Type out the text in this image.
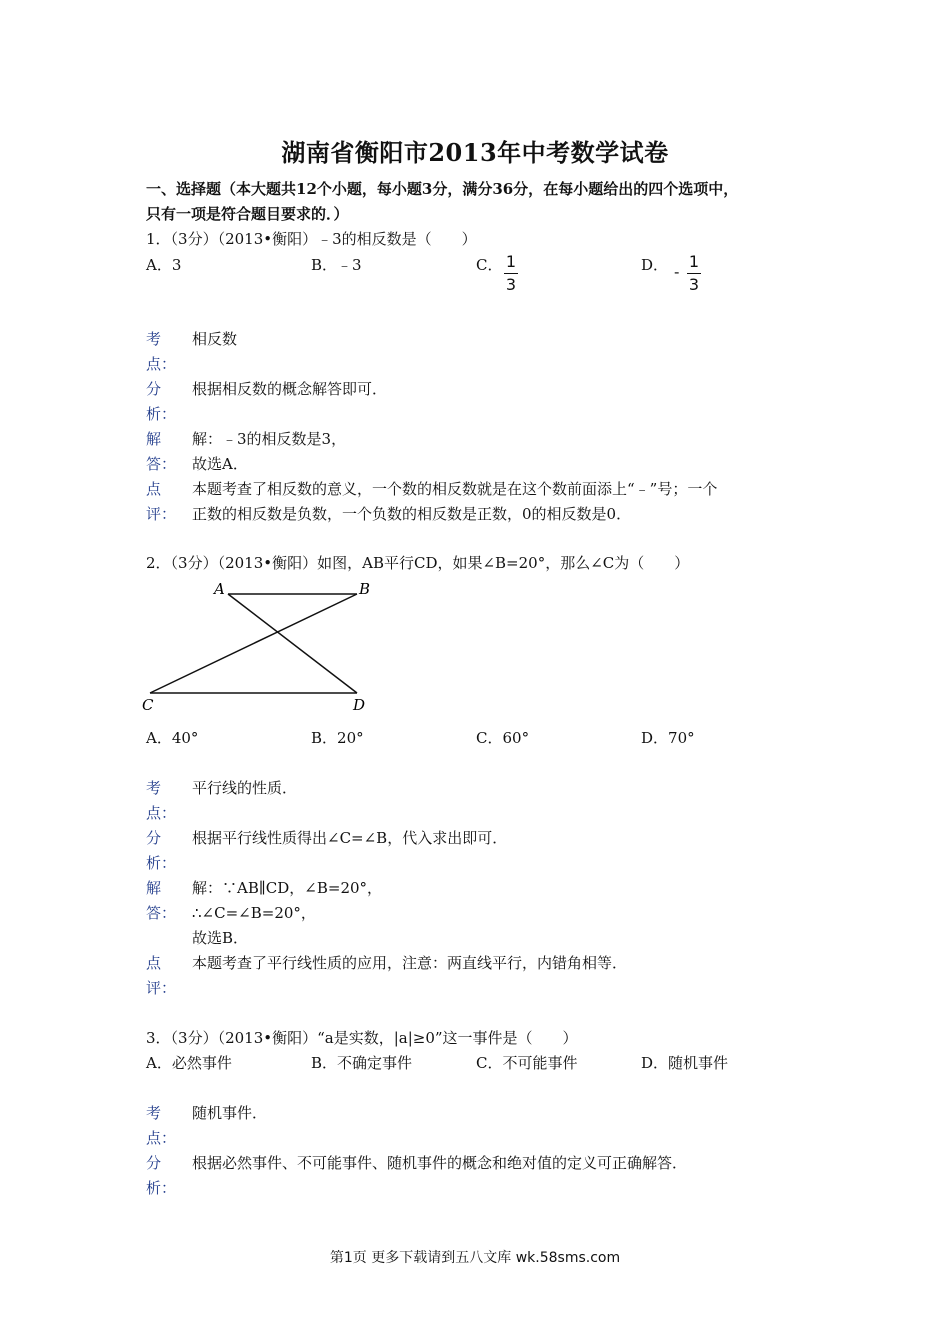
湖南省衡阳市2013年中考数学试卷
一、选择题（本大题共12个小题，每小题3分，满分36分，在每小题给出的四个选项中，
只有一项是符合题目要求的．）
1．（3分）（2013•衡阳）﹣3的相反数是（　　）
A．3	B．﹣3	C． 1
3
D． -
1
3
考
点：
相反数
分
析：
根据相反数的概念解答即可．
解
答：
解：﹣3的相反数是3，
故选A．
点
评：
本题考查了相反数的意义，一个数的相反数就是在这个数前面添上“﹣”号；一个
正数的相反数是负数，一个负数的相反数是正数，0的相反数是0．
2．（3分）（2013•衡阳）如图，AB平行CD，如果∠B=20°，那么∠C为（　　）
A	B
C	D
A．40°	B．20°	C．60°	D．70°
考
点：
平行线的性质．
分
析：
根据平行线性质得出∠C=∠B，代入求出即可．
解
答：
解：∵AB∥CD，∠B=20°，
∴∠C=∠B=20°，
故选B．
点
评：
本题考查了平行线性质的应用，注意：两直线平行，内错角相等．
3．（3分）（2013•衡阳）“a是实数，|a|≥0”这一事件是（　　）
A．必然事件	B．不确定事件	C．不可能事件	D．随机事件
考
点：
随机事件．
分
析：
根据必然事件、不可能事件、随机事件的概念和绝对值的定义可正确解答．
第1页 更多下载请到五八文库 wk.58sms.com
